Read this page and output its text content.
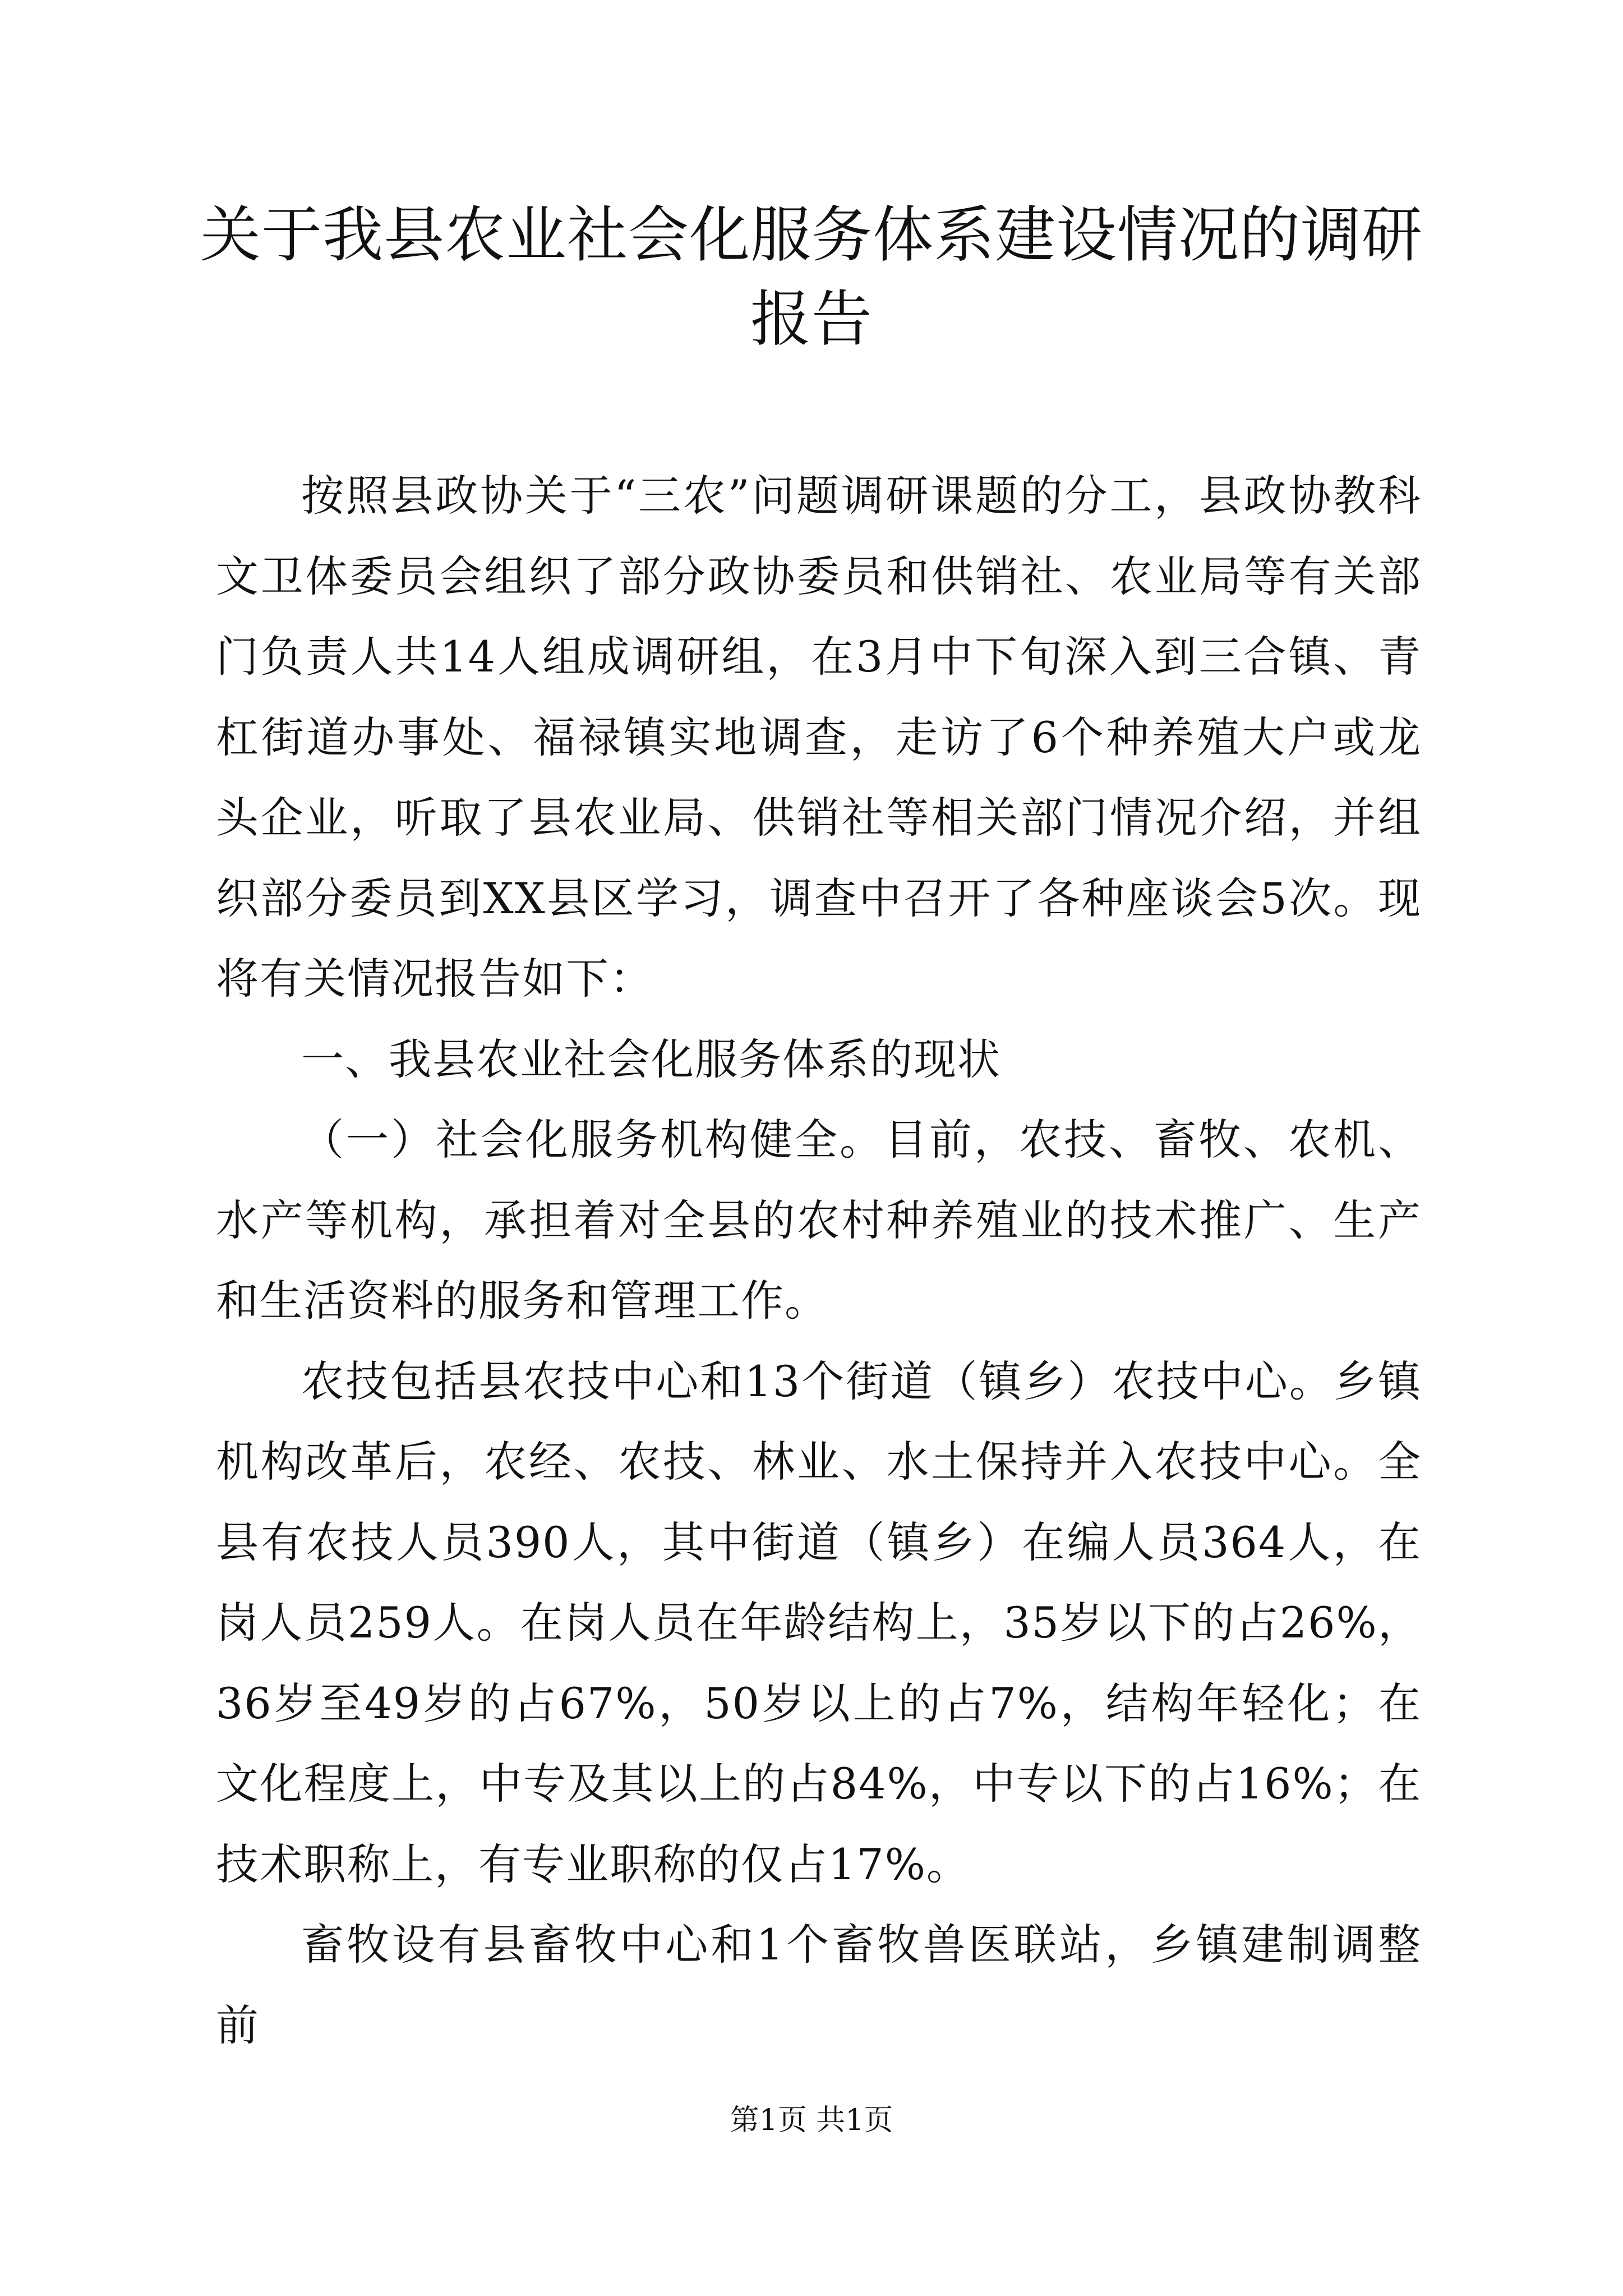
关于我县农业社会化服务体系建设情况的调研报告

按照县政协关于“三农”问题调研课题的分工，县政协教科文卫体委员会组织了部分政协委员和供销社、农业局等有关部门负责人共14人组成调研组，在3月中下旬深入到三合镇、青杠街道办事处、福禄镇实地调查，走访了6个种养殖大户或龙头企业，听取了县农业局、供销社等相关部门情况介绍，并组织部分委员到XX县区学习，调查中召开了各种座谈会5次。现将有关情况报告如下：

一、我县农业社会化服务体系的现状

（一）社会化服务机构健全。目前，农技、畜牧、农机、水产等机构，承担着对全县的农村种养殖业的技术推广、生产和生活资料的服务和管理工作。

农技包括县农技中心和13个街道（镇乡）农技中心。乡镇机构改革后，农经、农技、林业、水土保持并入农技中心。全县有农技人员390人，其中街道（镇乡）在编人员364人，在岗人员259人。在岗人员在年龄结构上，35岁以下的占26%，36岁至49岁的占67%，50岁以上的占7%，结构年轻化；在文化程度上，中专及其以上的占84%，中专以下的占16%；在技术职称上，有专业职称的仅占17%。

畜牧设有县畜牧中心和1个畜牧兽医联站，乡镇建制调整前

第1页 共1页
